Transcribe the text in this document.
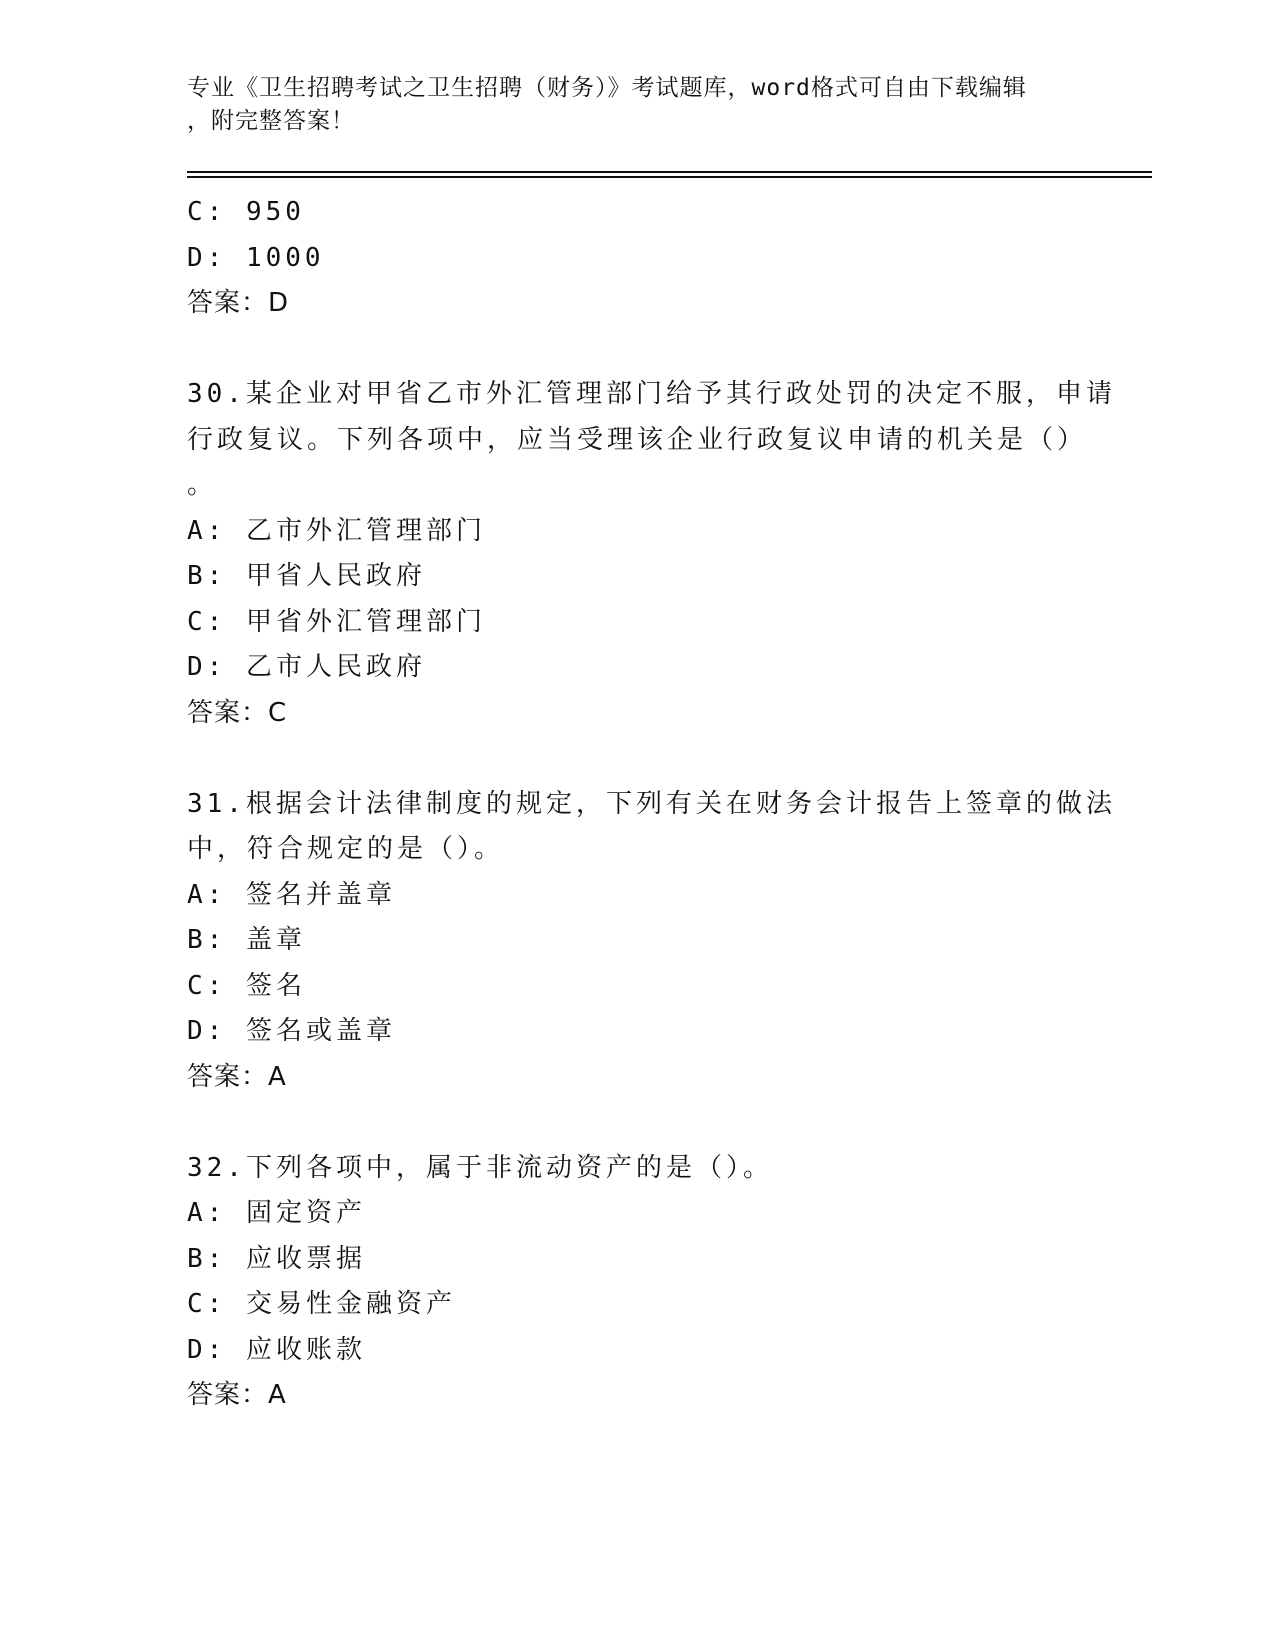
专业《卫生招聘考试之卫生招聘（财务）》考试题库，word格式可自由下载编辑
，附完整答案！
C: 950
D: 1000
答案：D
30.某企业对甲省乙市外汇管理部门给予其行政处罚的决定不服，申请
行政复议。下列各项中，应当受理该企业行政复议申请的机关是（）
。
A: 乙市外汇管理部门
B: 甲省人民政府
C: 甲省外汇管理部门
D: 乙市人民政府
答案：C
31.根据会计法律制度的规定，下列有关在财务会计报告上签章的做法
中，符合规定的是（）。
A: 签名并盖章
B: 盖章
C: 签名
D: 签名或盖章
答案：A
32.下列各项中，属于非流动资产的是（）。
A: 固定资产
B: 应收票据
C: 交易性金融资产
D: 应收账款
答案：A
